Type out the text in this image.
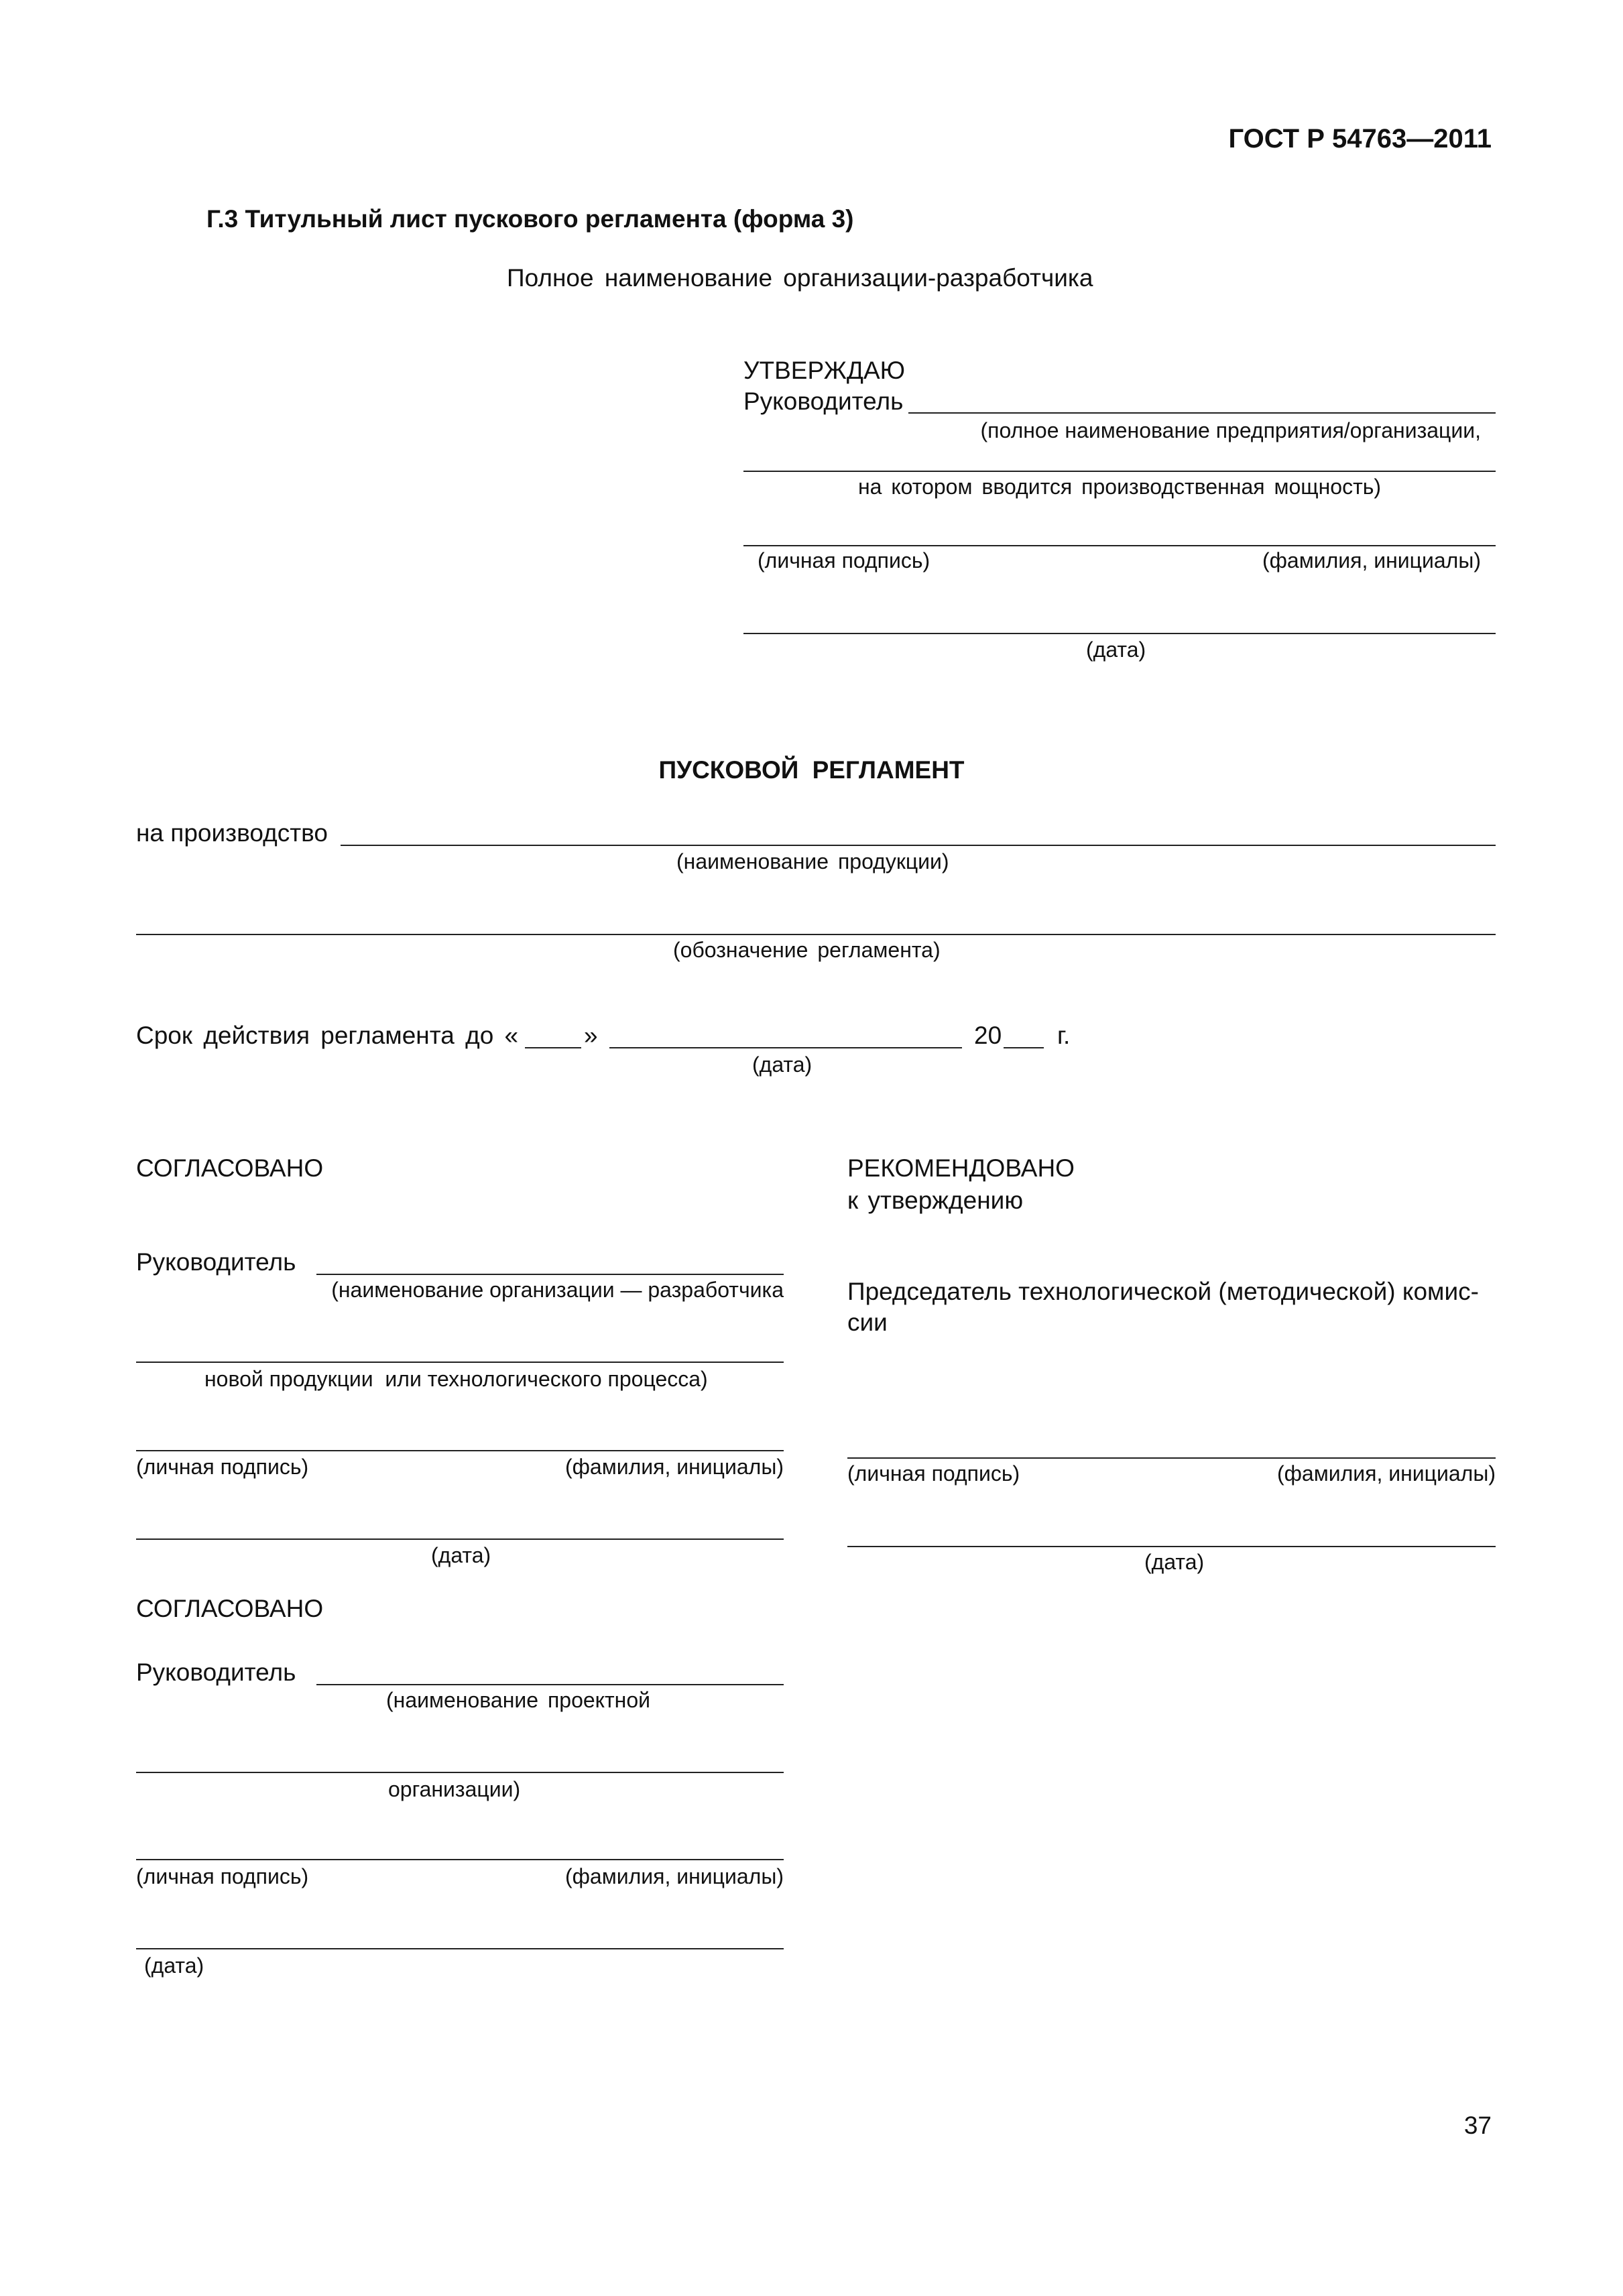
ГОСТ Р 54763—2011
Г.3 Титульный лист пускового регламента (форма 3)
Полное наименование организации-разработчика
УТВЕРЖДАЮ
Руководитель
(полное наименование предприятия/организации,
на котором вводится производственная мощность)
(личная подпись)	(фамилия, инициалы)
(дата)
ПУСКОВОЙ РЕГЛАМЕНТ
на производство
(наименование продукции)
(обозначение регламента)
Срок действия регламента до «	»	20 г.
(дата)
СОГЛАСОВАНО
Руководитель
(наименование организации — разработчика
новой продукции  или технологического процесса)
(личная подпись)	(фамилия, инициалы)
(дата)
РЕКОМЕНДОВАНО
к утверждению
Председатель технологической (методической) комис-
сии
(личная подпись)	(фамилия, инициалы)
(дата)
СОГЛАСОВАНО
Руководитель
(наименование проектной
организации)
(личная подпись)	(фамилия, инициалы)
(дата)
37
